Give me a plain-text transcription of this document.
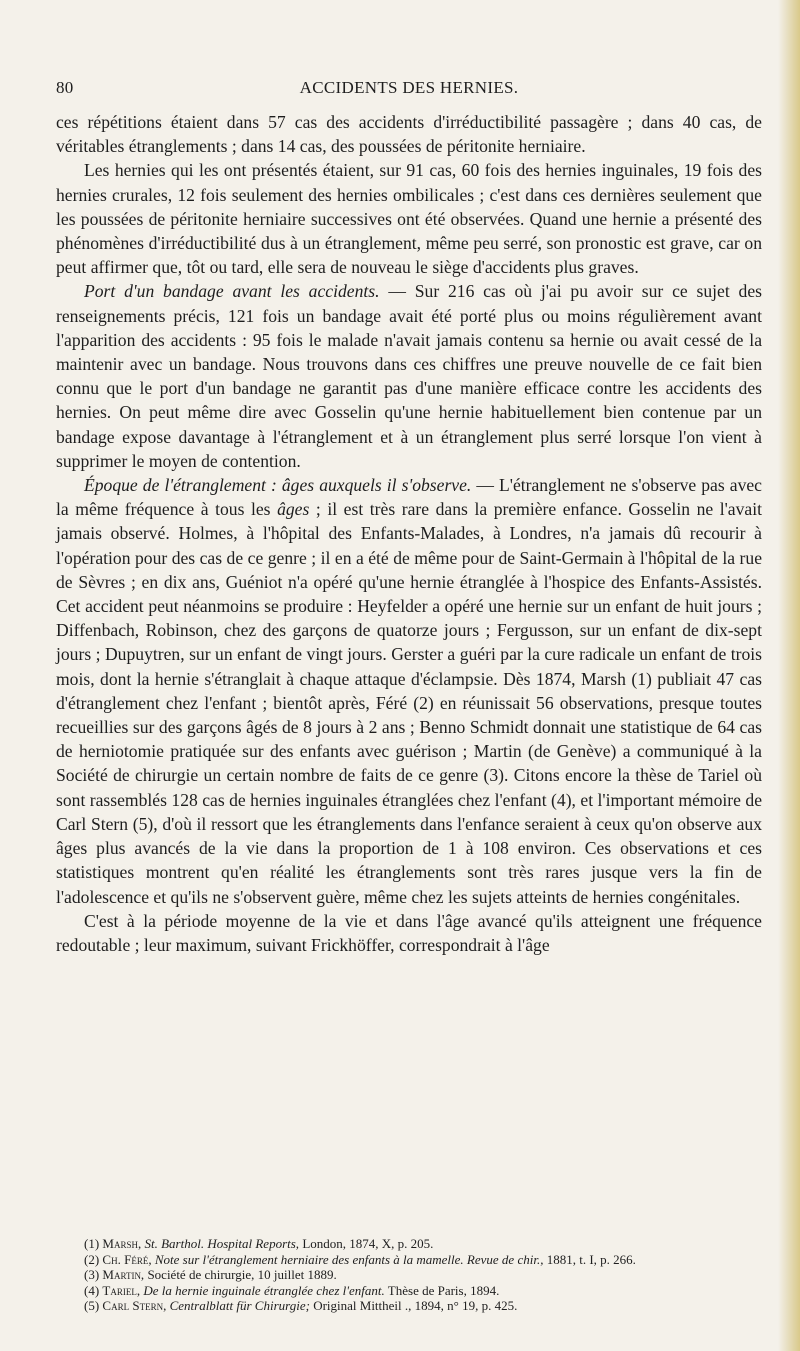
80	ACCIDENTS DES HERNIES.

ces répétitions étaient dans 57 cas des accidents d'irréductibilité passagère ; dans 40 cas, de véritables étranglements ; dans 14 cas, des poussées de péritonite herniaire.

Les hernies qui les ont présentés étaient, sur 91 cas, 60 fois des hernies inguinales, 19 fois des hernies crurales, 12 fois seulement des hernies ombilicales ; c'est dans ces dernières seulement que les poussées de péritonite herniaire successives ont été observées. Quand une hernie a présenté des phénomènes d'irréductibilité dus à un étranglement, même peu serré, son pronostic est grave, car on peut affirmer que, tôt ou tard, elle sera de nouveau le siège d'accidents plus graves.

Port d'un bandage avant les accidents. — Sur 216 cas où j'ai pu avoir sur ce sujet des renseignements précis, 121 fois un bandage avait été porté plus ou moins régulièrement avant l'apparition des accidents : 95 fois le malade n'avait jamais contenu sa hernie ou avait cessé de la maintenir avec un bandage. Nous trouvons dans ces chiffres une preuve nouvelle de ce fait bien connu que le port d'un bandage ne garantit pas d'une manière efficace contre les accidents des hernies. On peut même dire avec Gosselin qu'une hernie habituellement bien contenue par un bandage expose davantage à l'étranglement et à un étranglement plus serré lorsque l'on vient à supprimer le moyen de contention.

Époque de l'étranglement : âges auxquels il s'observe. — L'étranglement ne s'observe pas avec la même fréquence à tous les âges ; il est très rare dans la première enfance. Gosselin ne l'avait jamais observé. Holmes, à l'hôpital des Enfants-Malades, à Londres, n'a jamais dû recourir à l'opération pour des cas de ce genre ; il en a été de même pour de Saint-Germain à l'hôpital de la rue de Sèvres ; en dix ans, Guéniot n'a opéré qu'une hernie étranglée à l'hospice des Enfants-Assistés. Cet accident peut néanmoins se produire : Heyfelder a opéré une hernie sur un enfant de huit jours ; Diffenbach, Robinson, chez des garçons de quatorze jours ; Fergusson, sur un enfant de dix-sept jours ; Dupuytren, sur un enfant de vingt jours. Gerster a guéri par la cure radicale un enfant de trois mois, dont la hernie s'étranglait à chaque attaque d'éclampsie. Dès 1874, Marsh (1) publiait 47 cas d'étranglement chez l'enfant ; bientôt après, Féré (2) en réunissait 56 observations, presque toutes recueillies sur des garçons âgés de 8 jours à 2 ans ; Benno Schmidt donnait une statistique de 64 cas de herniotomie pratiquée sur des enfants avec guérison ; Martin (de Genève) a communiqué à la Société de chirurgie un certain nombre de faits de ce genre (3). Citons encore la thèse de Tariel où sont rassemblés 128 cas de hernies inguinales étranglées chez l'enfant (4), et l'important mémoire de Carl Stern (5), d'où il ressort que les étranglements dans l'enfance seraient à ceux qu'on observe aux âges plus avancés de la vie dans la proportion de 1 à 108 environ. Ces observations et ces statistiques montrent qu'en réalité les étranglements sont très rares jusque vers la fin de l'adolescence et qu'ils ne s'observent guère, même chez les sujets atteints de hernies congénitales.

C'est à la période moyenne de la vie et dans l'âge avancé qu'ils atteignent une fréquence redoutable ; leur maximum, suivant Frickhöffer, correspondrait à l'âge

(1) Marsh, St. Barthol. Hospital Reports, London, 1874, X, p. 205.

(2) Ch. Féré, Note sur l'étranglement herniaire des enfants à la mamelle. Revue de chir., 1881, t. I, p. 266.

(3) Martin, Société de chirurgie, 10 juillet 1889.

(4) Tariel, De la hernie inguinale étranglée chez l'enfant. Thèse de Paris, 1894.

(5) Carl Stern, Centralblatt für Chirurgie; Original Mittheil ., 1894, n° 19, p. 425.
